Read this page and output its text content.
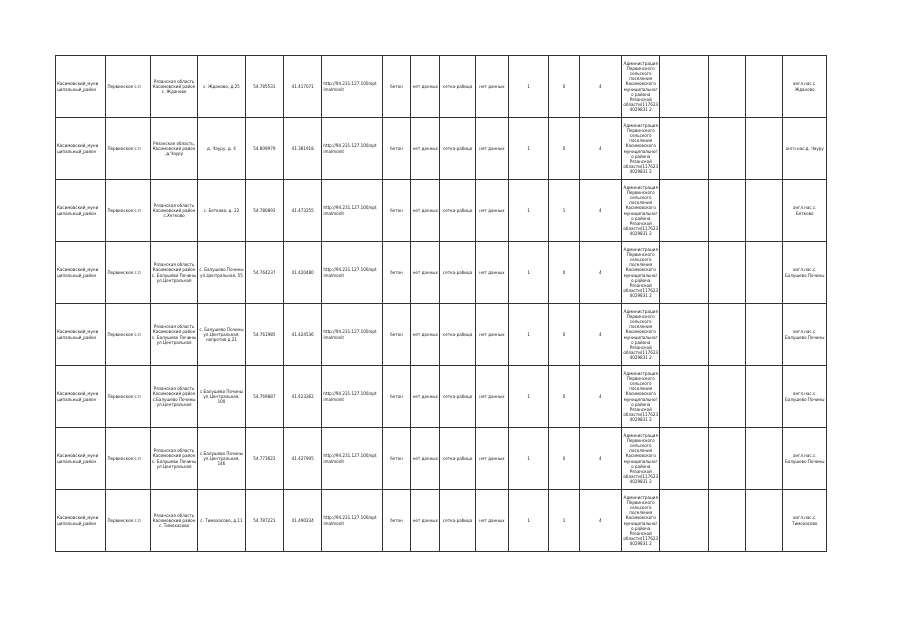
Касимовский_муни ципальный_район	Первинское с.п	Рязанская область Касимовский район с. Жданово	с. Жданово, д.25	54.785531	41.417071	http://94.231.127.100/opt imalmonit	бетон	нет данных	сетка-рабица	нет данных	1	0	4	Администрация Первинского сельского поселения Касимовского муниципального района Рязанской области(1176234029831 2				англ.нас.с. Жданово
Касимовский_муни ципальный_район	Первинское с.п	Рязанская область, Касимовский район ,д.Чауру	д. Чауру, д. 4	54.809979	41.381918	http://94.231.127.100/opt imalmonit	бетон	нет данных	сетка-рабица	нет данных	1	0	4	Администрация Первинского сельского поселения Касимовского муниципального района Рязанской области(1176234029831 2				англ.нас.д. Чауру
Касимовский_муни ципальный_район	Первинское с.п	Рязанская область Касимовский район с.Хетково	с. Бетково, д. 22	54.780893	41.473255	http://94.231.127.100/opt imalmonit	бетон	нет данных	сетка-рабица	нет данных	1	1	4	Администрация Первинского сельского поселения Касимовского муниципального района Рязанской области(1176234029831 2				англ.нас.с. Бетково
Касимовский_муни ципальный_район	Первинское с.п	Рязанская область Касимовский район с. Балушево Почины ул.Центральная	с. Балушево Почины ул.Центральная, 55	54.764237	41.420480	http://94.231.127.100/opt imalmonit	бетон	нет данных	сетка-рабица	нет данных	1	0	4	Администрация Первинского сельского поселения Касимовского муниципального района Рязанской области(1176234029831 2				англ.нас.с. Балушево Почины
Касимовский_муни ципальный_район	Первинское с.п	Рязанская область Касимовский район с. Балушево Почины ул.Центральная	с. Балушево Почины ул.Центральная, напротив д.21	54.761985	41.424536	http://94.231.127.100/opt imalmonit	бетон	нет данных	сетка-рабица	нет данных	1	0	4	Администрация Первинского сельского поселения Касимовского муниципального района Рязанской области(1176234029831 2				англ.нас.с. Балушево Почины
Касимовский_муни ципальный_район	Первинское с.п	Рязанская область Касимовский район с.Балушево Почины ул.Центральная	с.Балушево Почины ул.Центральная, 100	54.769887	41.423362	http://94.231.127.100/opt imalmonit	бетон	нет данных	сетка-рабица	нет данных	1	0	4	Администрация Первинского сельского поселения Касимовского муниципального района Рязанской области(1176234029831 2				англ.нас.с. Балушево Почины
Касимовский_муни ципальный_район	Первинское с.п	Рязанская область Касимовский район с. Балушево Почины ул.Центральная	с.Балушево Почины ул.Центральная, 146	54.773622	41.427905	http://94.231.127.100/opt imalmonit	бетон	нет данных	сетка-рабица	нет данных	1	0	4	Администрация Первинского сельского поселения Касимовского муниципального района Рязанской области(1176234029831 2				англ.нас.с. Балушево Почины
Касимовский_муни ципальный_район	Первинское с.п	Рязанская область Касимовский район с. Тимохасово	с. Тимохасово, д.11	54.787221	41.490234	http://94.231.127.100/opt imalmonit	бетон	нет данных	сетка-рабица	нет данных	1	1	4	Администрация Первинского сельского поселения Касимовского муниципального района Рязанской области(1176234029831 2				англ.нас.с. Тимохасово
